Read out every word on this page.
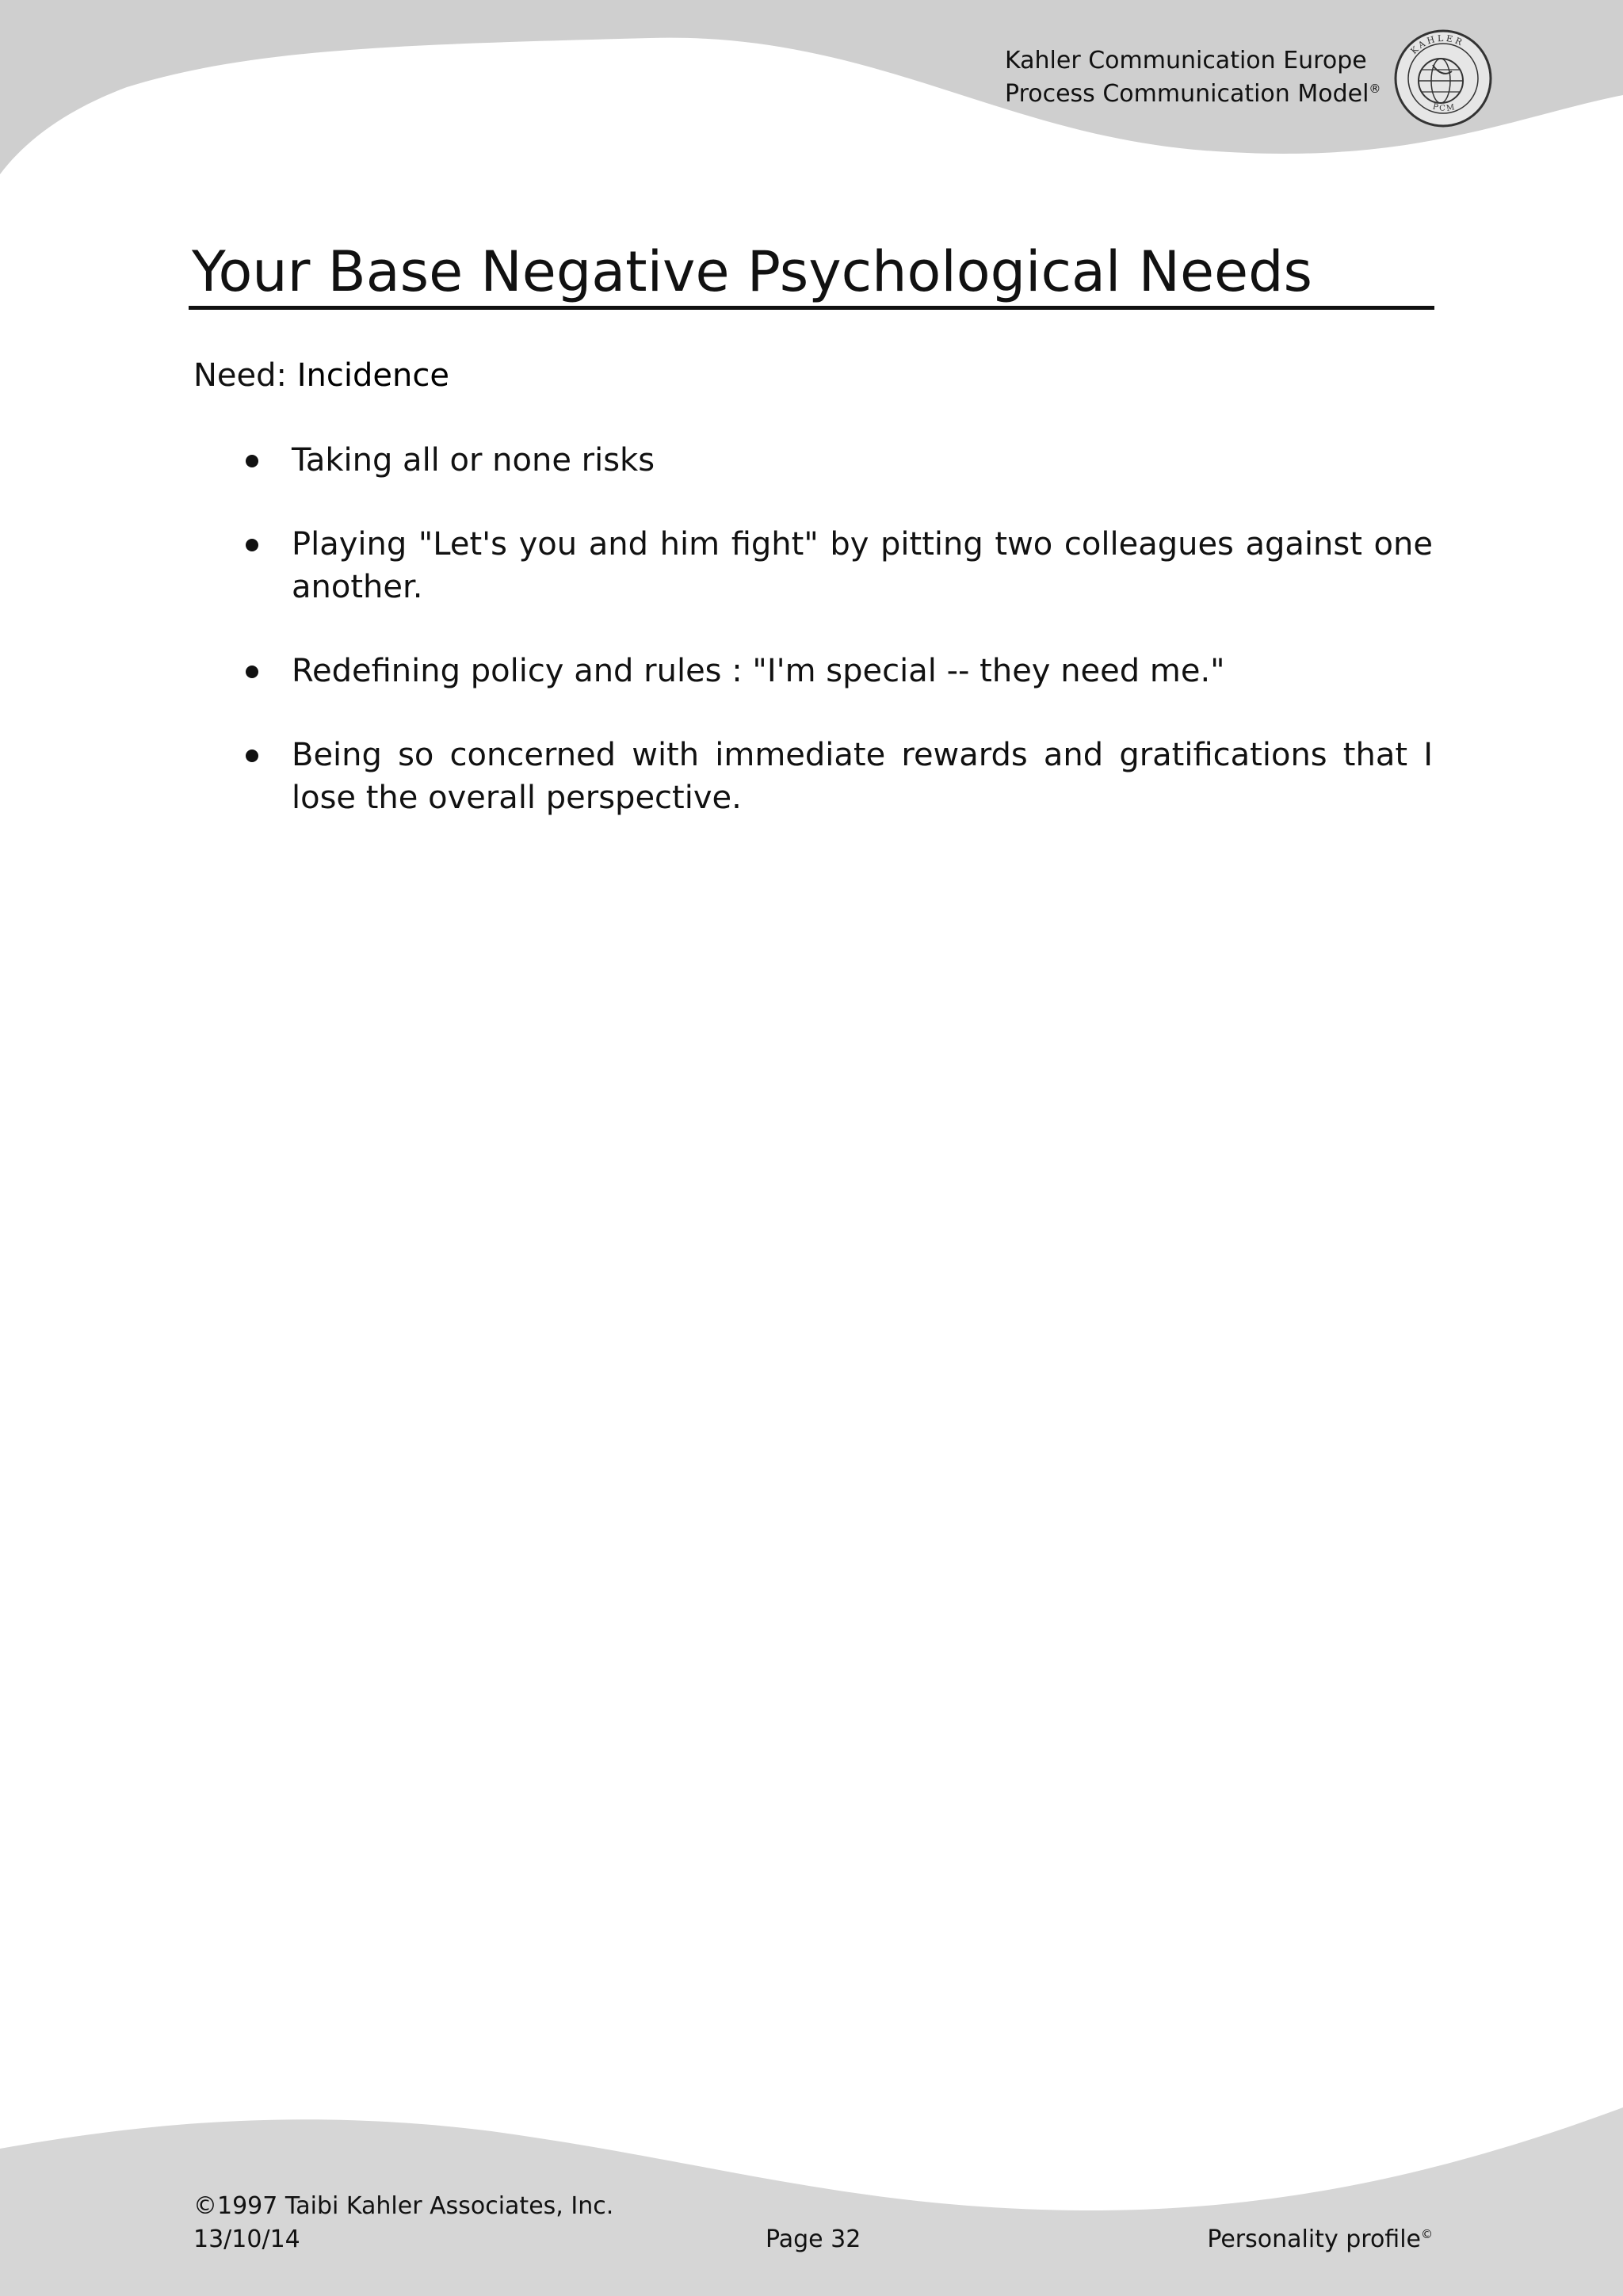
Kahler Communication Europe
Process Communication Model®
KAHLER
PCM
Your Base Negative Psychological Needs
Need: Incidence
Taking all or none risks
Playing "Let's you and him fight" by pitting two colleagues against one another.
Redefining policy and rules : "I'm special -- they need me."
Being so concerned with immediate rewards and gratifications that I lose the overall perspective.
©1997 Taibi Kahler Associates, Inc.
13/10/14	Page 32	Personality profile©
